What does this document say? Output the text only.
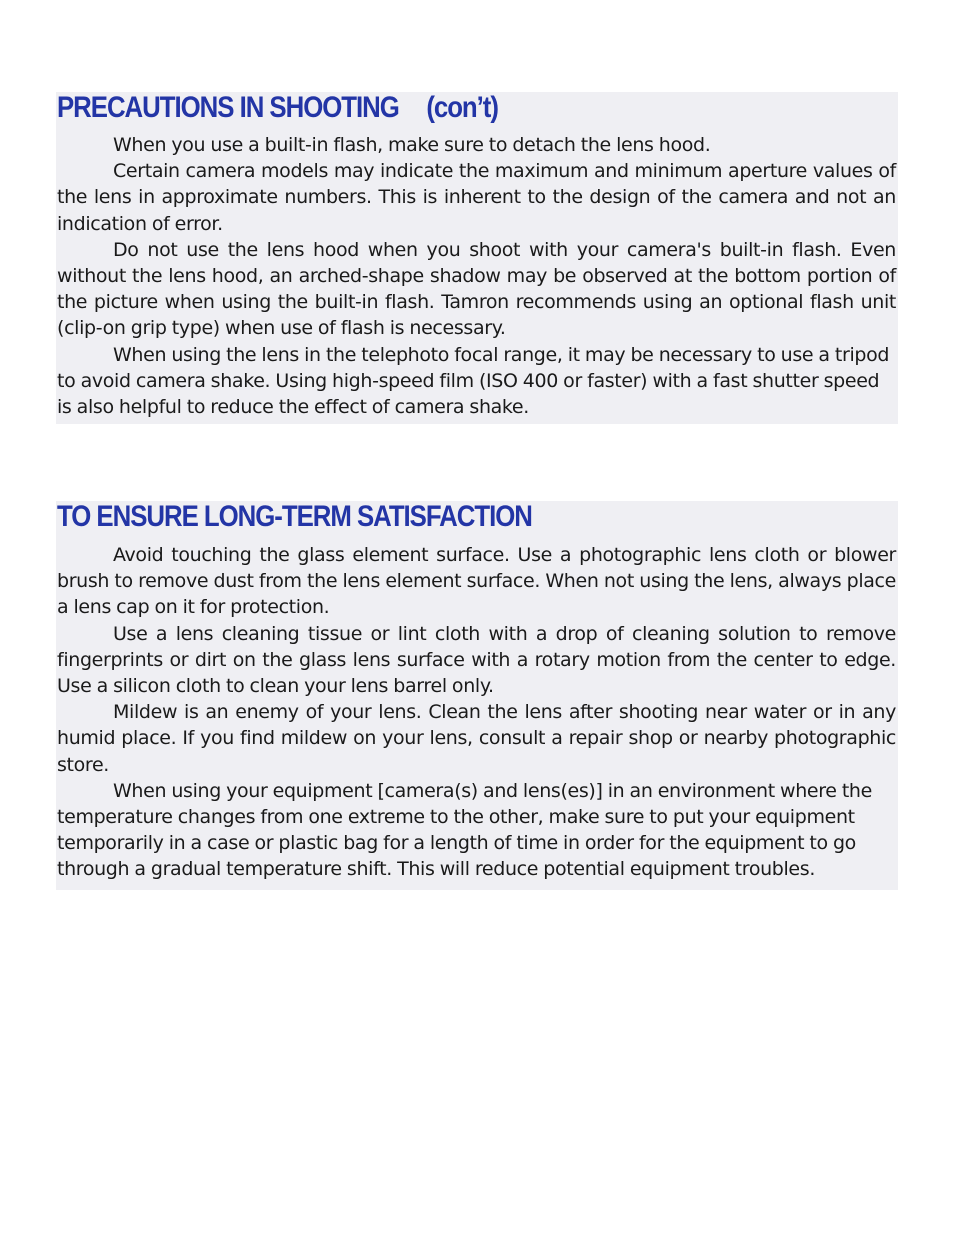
PRECAUTIONS IN SHOOTING (con’t)

When you use a built-in flash, make sure to detach the lens hood.

Certain camera models may indicate the maximum and minimum aperture values of the lens in approximate numbers. This is inherent to the design of the camera and not an indication of error.

Do not use the lens hood when you shoot with your camera's built-in flash. Even without the lens hood, an arched-shape shadow may be observed at the bottom portion of the picture when using the built-in flash. Tamron recommends using an optional flash unit (clip-on grip type) when use of flash is necessary.

When using the lens in the telephoto focal range, it may be necessary to use a tripod to avoid camera shake. Using high-speed film (ISO 400 or faster) with a fast shutter speed is also helpful to reduce the effect of camera shake.

TO ENSURE LONG-TERM SATISFACTION

Avoid touching the glass element surface. Use a photographic lens cloth or blower brush to remove dust from the lens element surface. When not using the lens, always place a lens cap on it for protection.

Use a lens cleaning tissue or lint cloth with a drop of cleaning solution to remove fingerprints or dirt on the glass lens surface with a rotary motion from the center to edge. Use a silicon cloth to clean your lens barrel only.

Mildew is an enemy of your lens. Clean the lens after shooting near water or in any humid place. If you find mildew on your lens, consult a repair shop or nearby photographic store.

When using your equipment [camera(s) and lens(es)] in an environment where the temperature changes from one extreme to the other, make sure to put your equipment temporarily in a case or plastic bag for a length of time in order for the equipment to go through a gradual temperature shift. This will reduce potential equipment troubles.
